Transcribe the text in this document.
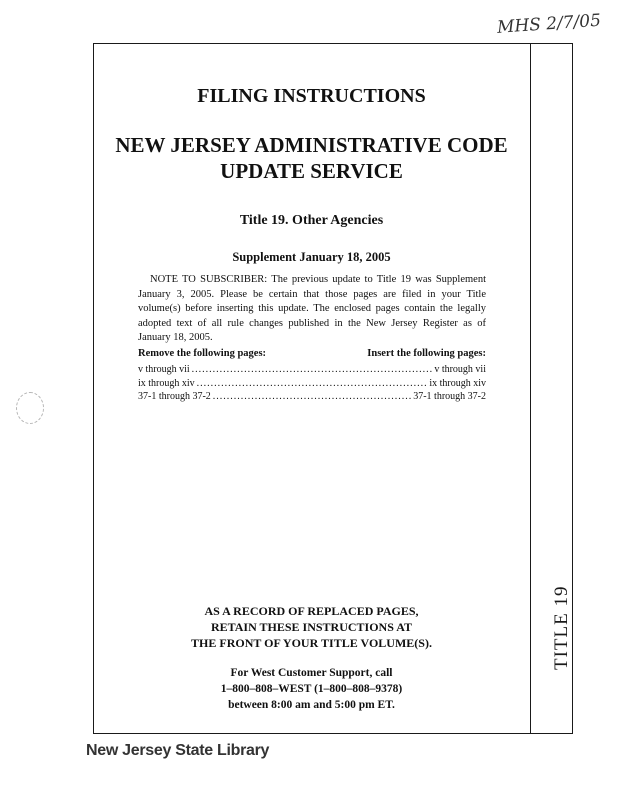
MHS 2/7/05
TITLE 19
FILING INSTRUCTIONS
NEW JERSEY ADMINISTRATIVE CODE
UPDATE SERVICE
Title 19. Other Agencies
Supplement January 18, 2005

NOTE TO SUBSCRIBER: The previous update to Title 19 was Supplement January 3, 2005. Please be certain that those pages are filed in your Title volume(s) before inserting this update. The enclosed pages contain the legally adopted text of all rule changes published in the New Jersey Register as of January 18, 2005.

Remove the following pages:	Insert the following pages:
v through vii .....	v through vii
ix through xiv .....	ix through xiv
37-1 through 37-2 .....	37-1 through 37-2
AS A RECORD OF REPLACED PAGES,
RETAIN THESE INSTRUCTIONS AT
THE FRONT OF YOUR TITLE VOLUME(S).
For West Customer Support, call
1–800–808–WEST (1–800–808–9378)
between 8:00 am and 5:00 pm ET.
New Jersey State Library
